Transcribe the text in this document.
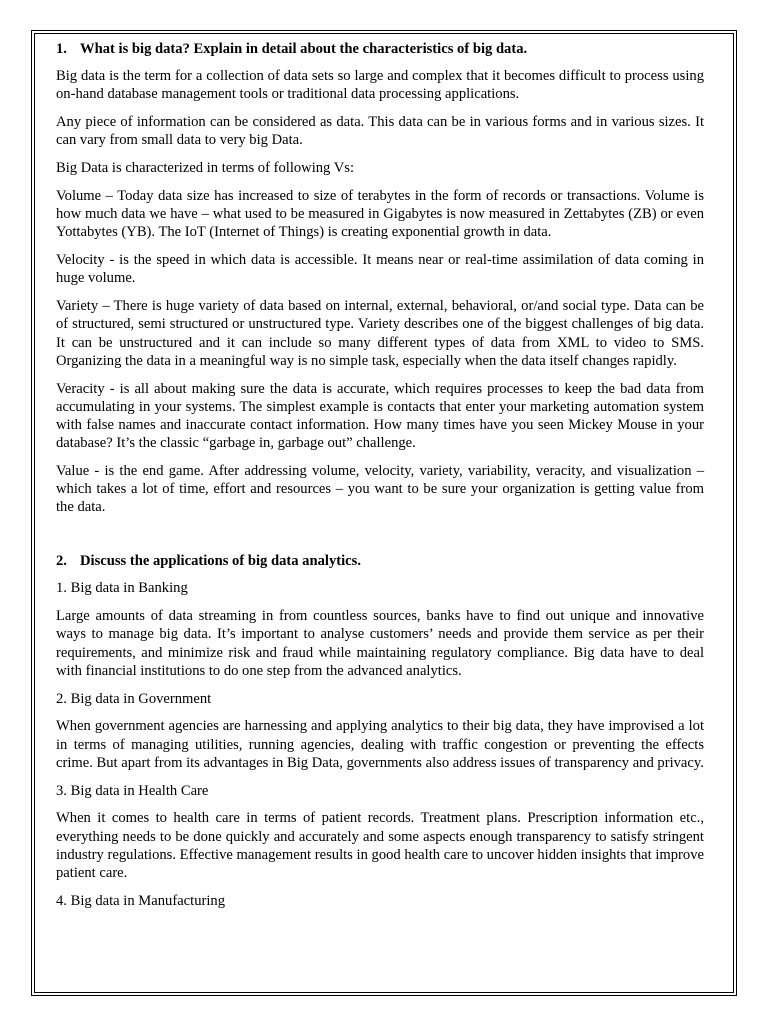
1. What is big data? Explain in detail about the characteristics of big data.

Big data is the term for a collection of data sets so large and complex that it becomes difficult to process using on-hand database management tools or traditional data processing applications.

Any piece of information can be considered as data. This data can be in various forms and in various sizes. It can vary from small data to very big Data.

Big Data is characterized in terms of following Vs:

Volume – Today data size has increased to size of terabytes in the form of records or transactions. Volume is how much data we have – what used to be measured in Gigabytes is now measured in Zettabytes (ZB) or even Yottabytes (YB). The IoT (Internet of Things) is creating exponential growth in data.

Velocity - is the speed in which data is accessible. It means near or real-time assimilation of data coming in huge volume.

Variety – There is huge variety of data based on internal, external, behavioral, or/and social type. Data can be of structured, semi structured or unstructured type. Variety describes one of the biggest challenges of big data. It can be unstructured and it can include so many different types of data from XML to video to SMS. Organizing the data in a meaningful way is no simple task, especially when the data itself changes rapidly.

Veracity - is all about making sure the data is accurate, which requires processes to keep the bad data from accumulating in your systems. The simplest example is contacts that enter your marketing automation system with false names and inaccurate contact information. How many times have you seen Mickey Mouse in your database? It’s the classic “garbage in, garbage out” challenge.

Value - is the end game. After addressing volume, velocity, variety, variability, veracity, and visualization – which takes a lot of time, effort and resources – you want to be sure your organization is getting value from the data.

2. Discuss the applications of big data analytics.
1. Big data in Banking

Large amounts of data streaming in from countless sources, banks have to find out unique and innovative ways to manage big data. It’s important to analyse customers’ needs and provide them service as per their requirements, and minimize risk and fraud while maintaining regulatory compliance. Big data have to deal with financial institutions to do one step from the advanced analytics.

2. Big data in Government

When government agencies are harnessing and applying analytics to their big data, they have improvised a lot in terms of managing utilities, running agencies, dealing with traffic congestion or preventing the effects crime. But apart from its advantages in Big Data, governments also address issues of transparency and privacy.

3. Big data in Health Care

When it comes to health care in terms of patient records. Treatment plans. Prescription information etc., everything needs to be done quickly and accurately and some aspects enough transparency to satisfy stringent industry regulations. Effective management results in good health care to uncover hidden insights that improve patient care.

4. Big data in Manufacturing
